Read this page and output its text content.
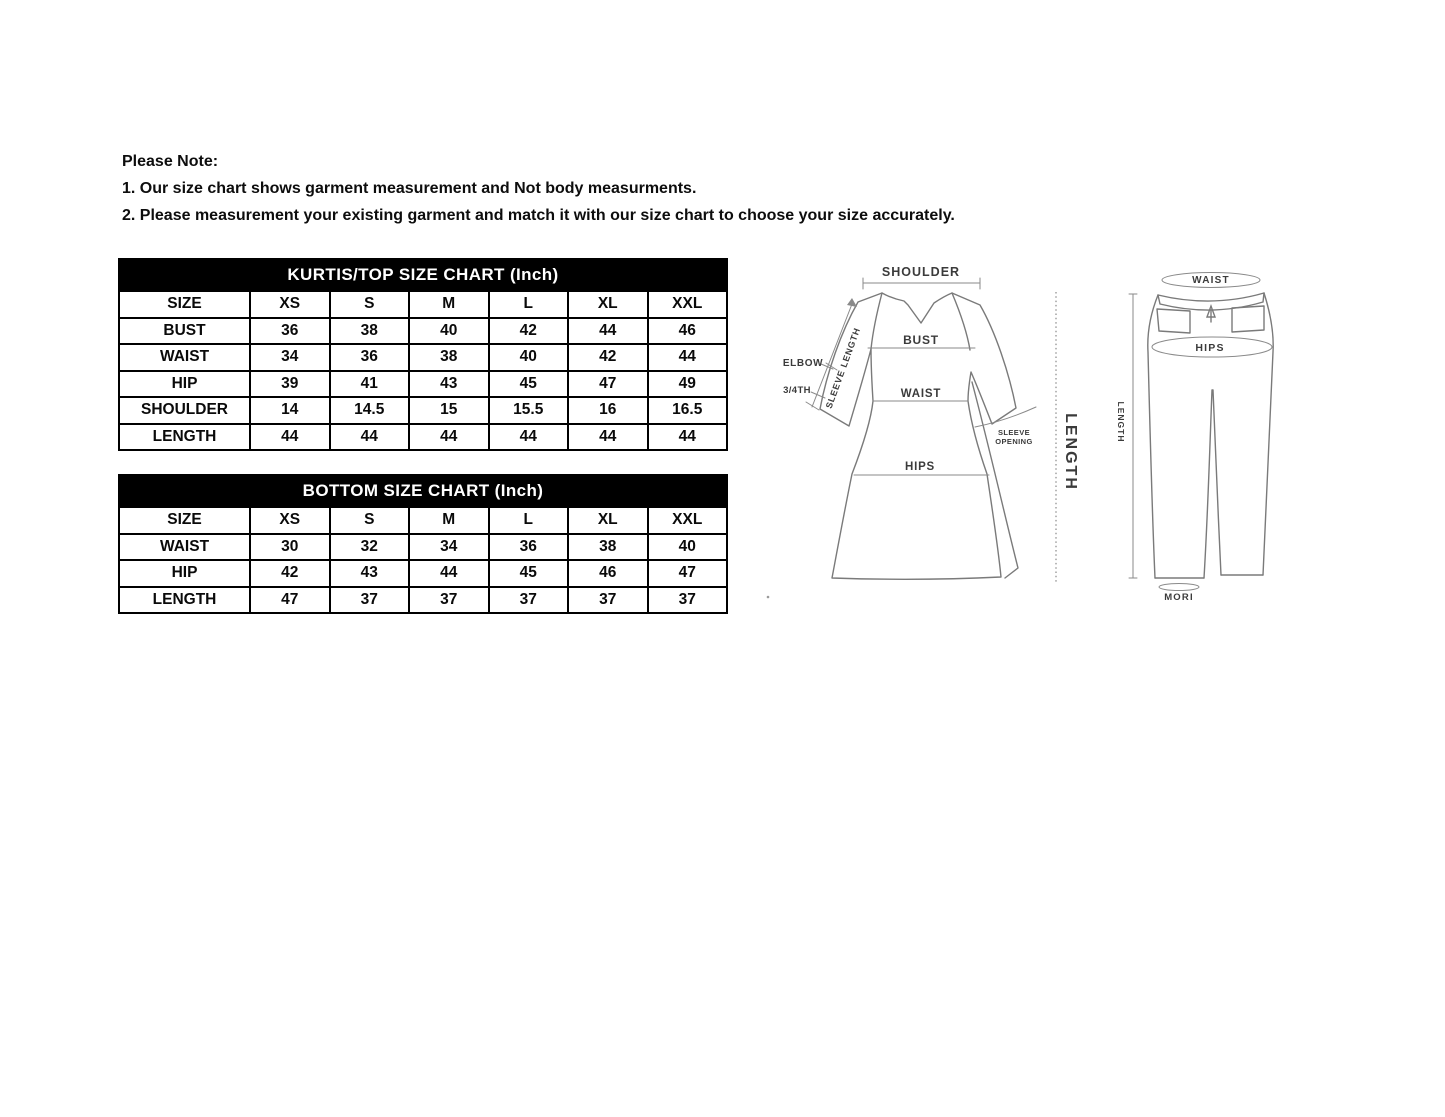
Please Note:
1. Our size chart shows garment measurement and Not body measurments.
2. Please measurement your existing garment and match it with our size chart to choose your size accurately.
KURTIS/TOP SIZE CHART (Inch)						
SIZE	XS	S	M	L	XL	XXL
BUST	36	38	40	42	44	46
WAIST	34	36	38	40	42	44
HIP	39	41	43	45	47	49
SHOULDER	14	14.5	15	15.5	16	16.5
LENGTH	44	44	44	44	44	44
BOTTOM SIZE CHART (Inch)						
SIZE	XS	S	M	L	XL	XXL
WAIST	30	32	34	36	38	40
HIP	42	43	44	45	46	47
LENGTH	47	37	37	37	37	37
SHOULDER
BUST
WAIST
HIPS
ELBOW
3/4TH SLEEVE LENGTH
SLEEVE
OPENING LENGTH
WAIST
HIPS
LENGTH
MORI
